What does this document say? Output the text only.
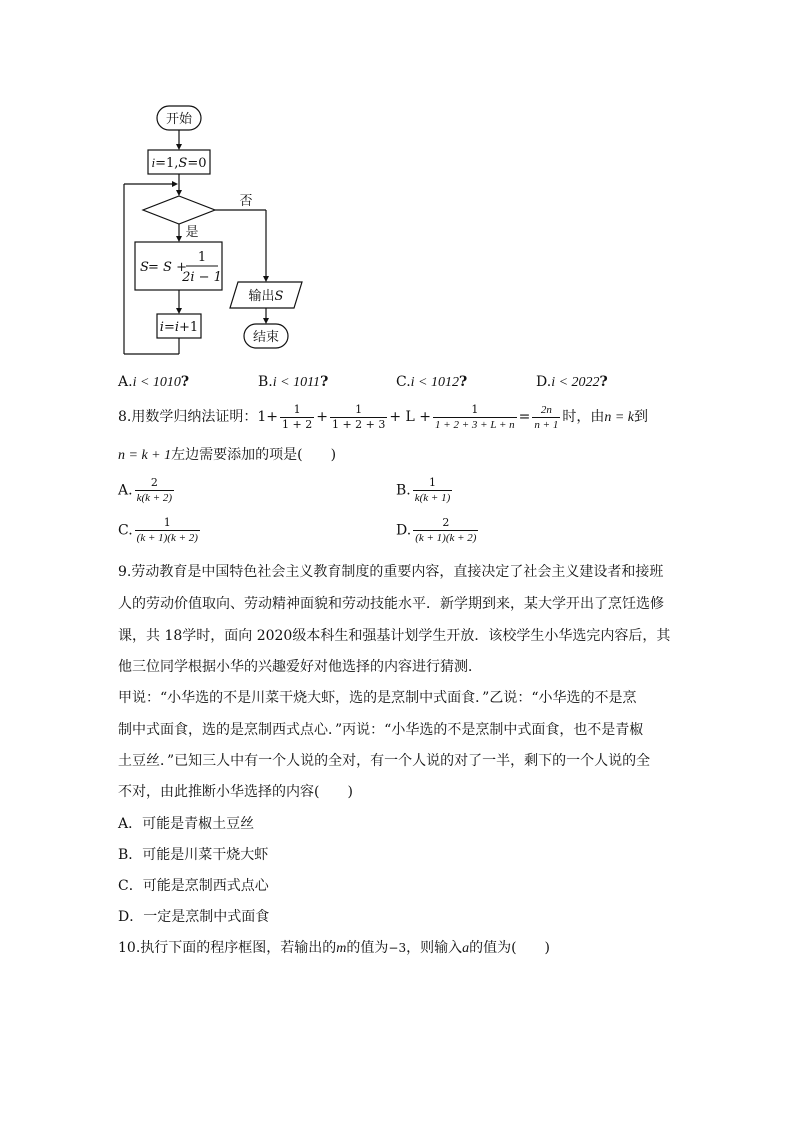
开始
i=1,S=0
否
是
S = S +
1
2i − 1
i=i+1
输出S
结束
A.i < 1010?	B.i < 1011?	C.i < 1012?	D.i < 2022?
8.用数学归纳法证明：$1+ \frac{1}{1 + 2} + \frac{1}{1 + 2 + 3} + L + \frac{1}{1 + 2 + 3 + L + n} = \frac{2n}{n + 1}$ 时，由n = k到
n = k + 1左边需要添加的项是(　　)
A. $\frac{2}{k(k + 2)}$	B. $\frac{1}{k(k + 1)}$
C. $\frac{1}{(k + 1)(k + 2)}$	D. $\frac{2}{(k + 1)(k + 2)}$
9.劳动教育是中国特色社会主义教育制度的重要内容，直接决定了社会主义建设者和接班
人的劳动价值取向、劳动精神面貌和劳动技能水平．新学期到来，某大学开出了烹饪选修
课，共 18学时，面向 2020级本科生和强基计划学生开放．该校学生小华选完内容后，其
他三位同学根据小华的兴趣爱好对他选择的内容进行猜测．
甲说：“小华选的不是川菜干烧大虾，选的是烹制中式面食．”乙说：“小华选的不是烹
制中式面食，选的是烹制西式点心．”丙说：“小华选的不是烹制中式面食，也不是青椒
土豆丝．”已知三人中有一个人说的全对，有一个人说的对了一半，剩下的一个人说的全
不对，由此推断小华选择的内容(　　)
A．可能是青椒土豆丝
B．可能是川菜干烧大虾
C．可能是烹制西式点心
D．一定是烹制中式面食
10.执行下面的程序框图，若输出的m的值为−3，则输入a的值为(　　)
